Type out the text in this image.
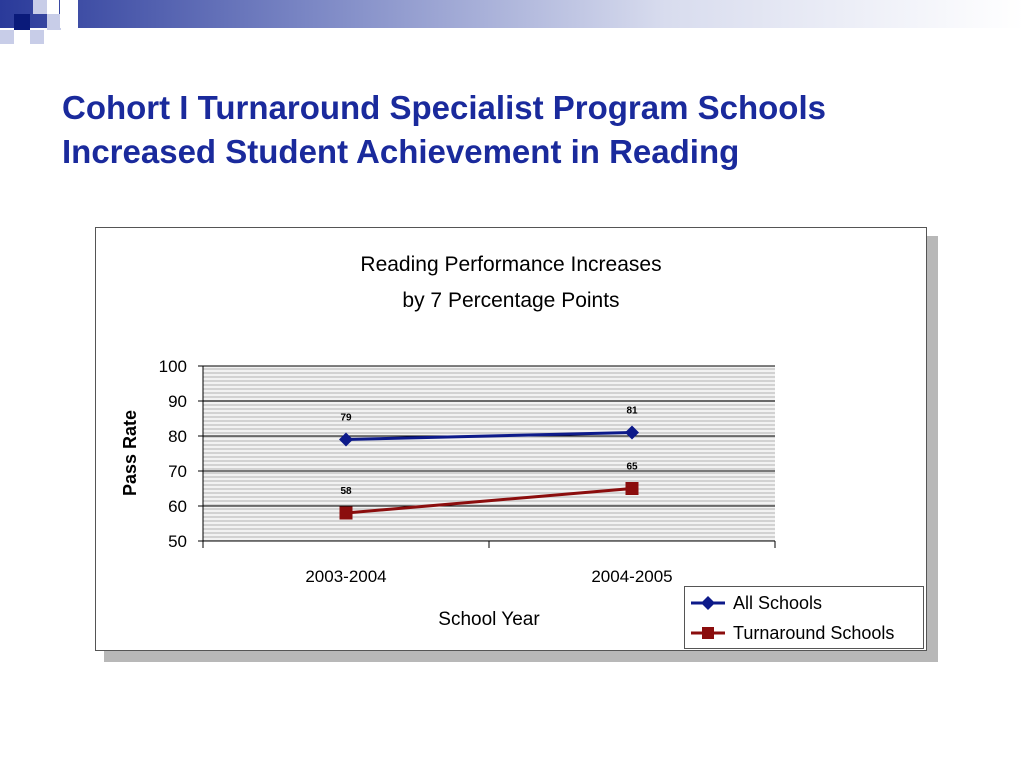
Cohort I Turnaround Specialist Program Schools
Increased Student Achievement in Reading
Reading Performance Increases
by 7 Percentage Points
50
60
70
80
90
100
2003-2004	2004-2005
Pass Rate
School Year
79
81
58
65
All Schools
Turnaround Schools
